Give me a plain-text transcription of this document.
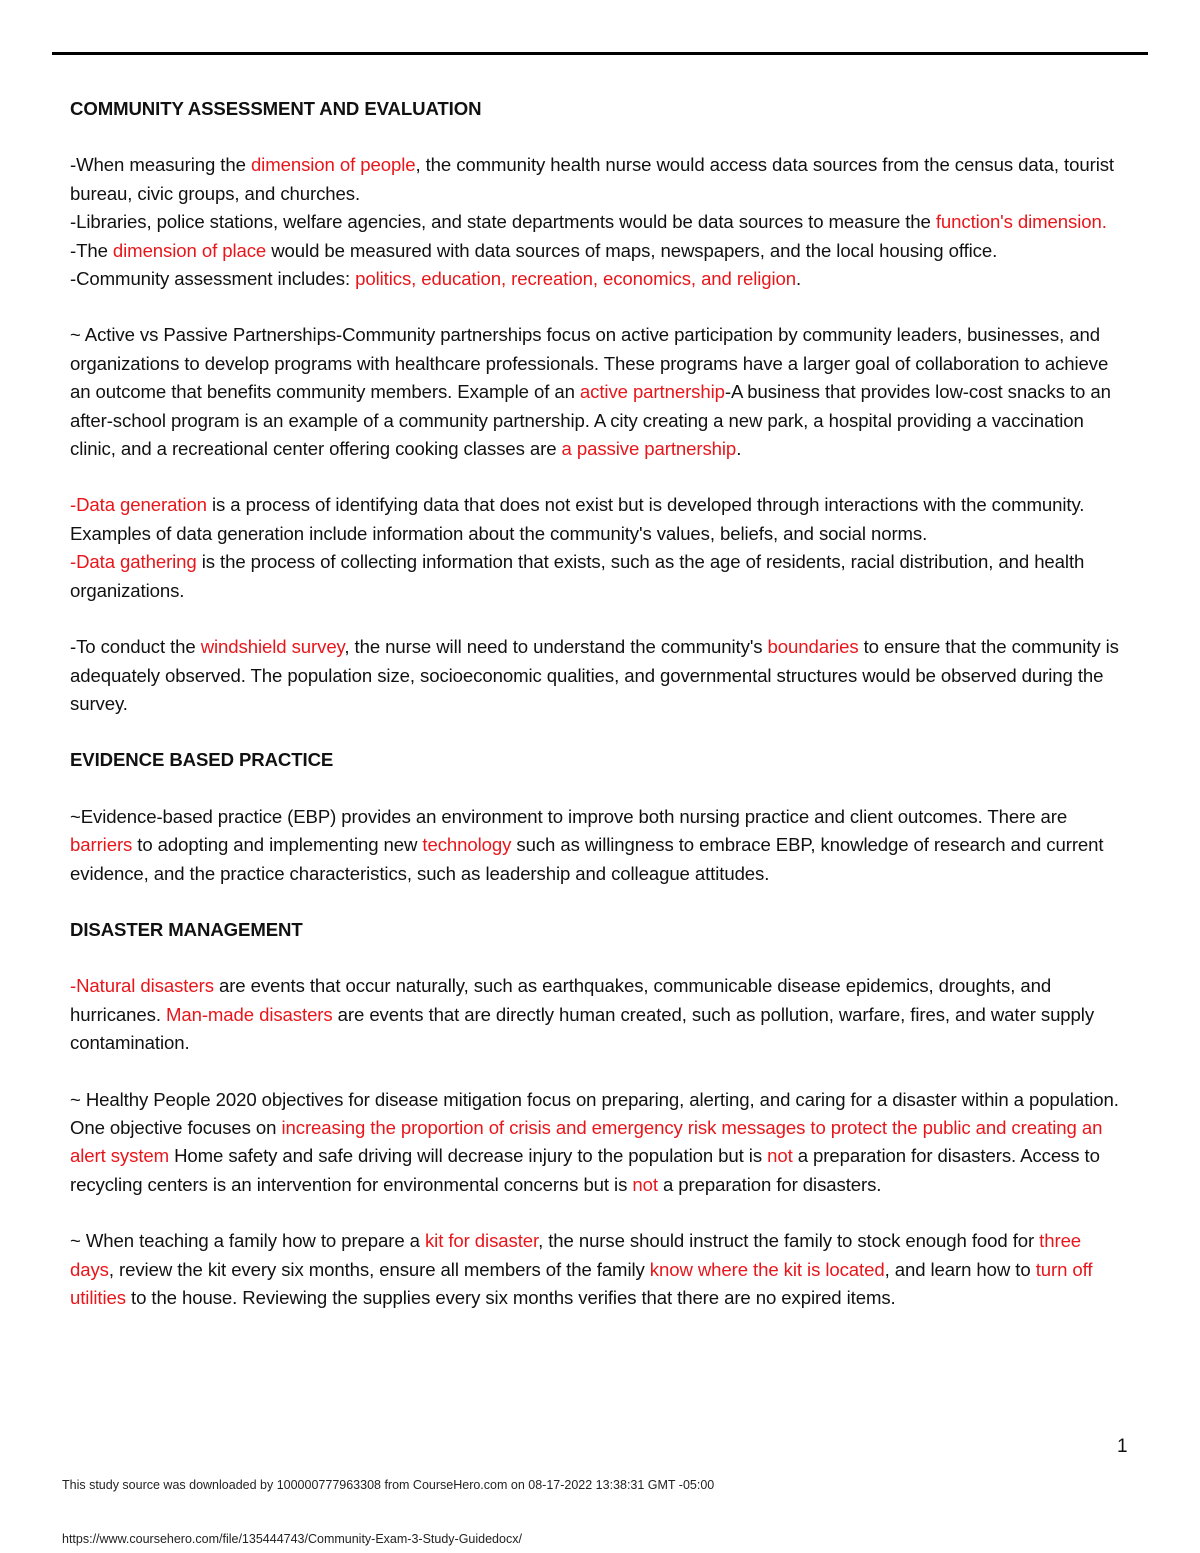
COMMUNITY ASSESSMENT AND EVALUATION

-When measuring the dimension of people, the community health nurse would access data sources from the census data, tourist bureau, civic groups, and churches.

-Libraries, police stations, welfare agencies, and state departments would be data sources to measure the function's dimension.

-The dimension of place would be measured with data sources of maps, newspapers, and the local housing office.

-Community assessment includes: politics, education, recreation, economics, and religion.

~ Active vs Passive Partnerships-Community partnerships focus on active participation by community leaders, businesses, and organizations to develop programs with healthcare professionals. These programs have a larger goal of collaboration to achieve an outcome that benefits community members. Example of an active partnership-A business that provides low-cost snacks to an after-school program is an example of a community partnership. A city creating a new park, a hospital providing a vaccination clinic, and a recreational center offering cooking classes are a passive partnership.

-Data generation is a process of identifying data that does not exist but is developed through interactions with the community. Examples of data generation include information about the community's values, beliefs, and social norms.

-Data gathering is the process of collecting information that exists, such as the age of residents, racial distribution, and health organizations.

-To conduct the windshield survey, the nurse will need to understand the community's boundaries to ensure that the community is adequately observed. The population size, socioeconomic qualities, and governmental structures would be observed during the survey.

EVIDENCE BASED PRACTICE

~Evidence-based practice (EBP) provides an environment to improve both nursing practice and client outcomes. There are barriers to adopting and implementing new technology such as willingness to embrace EBP, knowledge of research and current evidence, and the practice characteristics, such as leadership and colleague attitudes.

DISASTER MANAGEMENT

-Natural disasters are events that occur naturally, such as earthquakes, communicable disease epidemics, droughts, and hurricanes. Man-made disasters are events that are directly human created, such as pollution, warfare, fires, and water supply contamination.

~ Healthy People 2020 objectives for disease mitigation focus on preparing, alerting, and caring for a disaster within a population. One objective focuses on increasing the proportion of crisis and emergency risk messages to protect the public and creating an alert system Home safety and safe driving will decrease injury to the population but is not a preparation for disasters. Access to recycling centers is an intervention for environmental concerns but is not a preparation for disasters.

~ When teaching a family how to prepare a kit for disaster, the nurse should instruct the family to stock enough food for three days, review the kit every six months, ensure all members of the family know where the kit is located, and learn how to turn off utilities to the house. Reviewing the supplies every six months verifies that there are no expired items.

1
This study source was downloaded by 100000777963308 from CourseHero.com on 08-17-2022 13:38:31 GMT -05:00
https://www.coursehero.com/file/135444743/Community-Exam-3-Study-Guidedocx/
